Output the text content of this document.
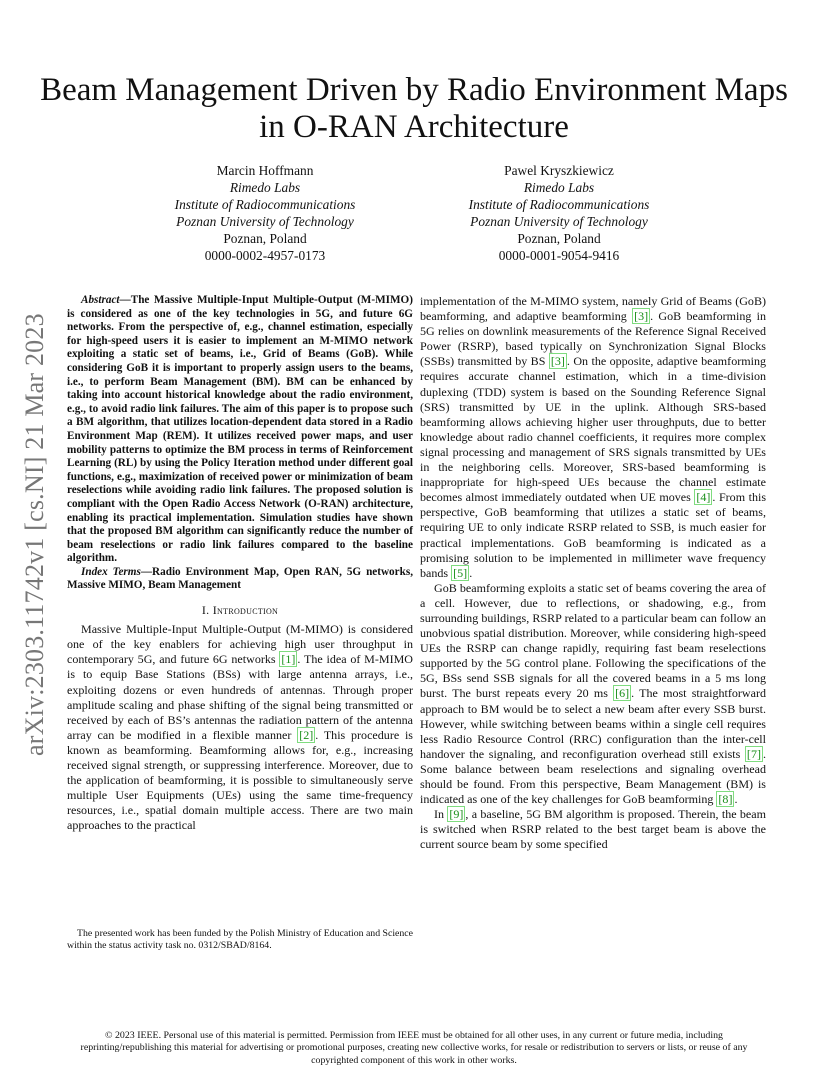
Beam Management Driven by Radio Environment Maps in O-RAN Architecture
Marcin Hoffmann
Rimedo Labs
Institute of Radiocommunications
Poznan University of Technology
Poznan, Poland
0000-0002-4957-0173
Pawel Kryszkiewicz
Rimedo Labs
Institute of Radiocommunications
Poznan University of Technology
Poznan, Poland
0000-0001-9054-9416
arXiv:2303.11742v1 [cs.NI] 21 Mar 2023

Abstract—The Massive Multiple-Input Multiple-Output (M-MIMO) is considered as one of the key technologies in 5G, and future 6G networks. From the perspective of, e.g., channel estimation, especially for high-speed users it is easier to implement an M-MIMO network exploiting a static set of beams, i.e., Grid of Beams (GoB). While considering GoB it is important to properly assign users to the beams, i.e., to perform Beam Management (BM). BM can be enhanced by taking into account historical knowledge about the radio environment, e.g., to avoid radio link failures. The aim of this paper is to propose such a BM algorithm, that utilizes location-dependent data stored in a Radio Environment Map (REM). It utilizes received power maps, and user mobility patterns to optimize the BM process in terms of Reinforcement Learning (RL) by using the Policy Iteration method under different goal functions, e.g., maximization of received power or minimization of beam reselections while avoiding radio link failures. The proposed solution is compliant with the Open Radio Access Network (O-RAN) architecture, enabling its practical implementation. Simulation studies have shown that the proposed BM algorithm can significantly reduce the number of beam reselections or radio link failures compared to the baseline algorithm.

Index Terms—Radio Environment Map, Open RAN, 5G networks, Massive MIMO, Beam Management

I. Introduction

Massive Multiple-Input Multiple-Output (M-MIMO) is considered one of the key enablers for achieving high user throughput in contemporary 5G, and future 6G networks [ 1 ] . The idea of M-MIMO is to equip Base Stations (BSs) with large antenna arrays, i.e., exploiting dozens or even hundreds of antennas. Through proper amplitude scaling and phase shifting of the signal being transmitted or received by each of BS’s antennas the radiation pattern of the antenna array can be modified in a flexible manner [ 2 ] . This procedure is known as beamforming. Beamforming allows for, e.g., increasing received signal strength, or suppressing interference. Moreover, due to the application of beamforming, it is possible to simultaneously serve multiple User Equipments (UEs) using the same time-frequency resources, i.e., spatial domain multiple access. There are two main approaches to the practical

The presented work has been funded by the Polish Ministry of Education and Science within the status activity task no. 0312/SBAD/8164.

implementation of the M-MIMO system, namely Grid of Beams (GoB) beamforming, and adaptive beamforming [ 3 ] . GoB beamforming in 5G relies on downlink measurements of the Reference Signal Received Power (RSRP), based typically on Synchronization Signal Blocks (SSBs) transmitted by BS [ 3 ] . On the opposite, adaptive beamforming requires accurate channel estimation, which in a time-division duplexing (TDD) system is based on the Sounding Reference Signal (SRS) transmitted by UE in the uplink. Although SRS-based beamforming allows achieving higher user throughputs, due to better knowledge about radio channel coefficients, it requires more complex signal processing and management of SRS signals transmitted by UEs in the neighboring cells. Moreover, SRS-based beamforming is inappropriate for high-speed UEs because the channel estimate becomes almost immediately outdated when UE moves [ 4 ] . From this perspective, GoB beamforming that utilizes a static set of beams, requiring UE to only indicate RSRP related to SSB, is much easier for practical implementations. GoB beamforming is indicated as a promising solution to be implemented in millimeter wave frequency bands [ 5 ] .

GoB beamforming exploits a static set of beams covering the area of a cell. However, due to reflections, or shadowing, e.g., from surrounding buildings, RSRP related to a particular beam can follow an unobvious spatial distribution. Moreover, while considering high-speed UEs the RSRP can change rapidly, requiring fast beam reselections supported by the 5G control plane. Following the specifications of the 5G, BSs send SSB signals for all the covered beams in a 5 ms long burst. The burst repeats every 20 ms [ 6 ] . The most straightforward approach to BM would be to select a new beam after every SSB burst. However, while switching between beams within a single cell requires less Radio Resource Control (RRC) configuration than the inter-cell handover the signaling, and reconfiguration overhead still exists [ 7 ] . Some balance between beam reselections and signaling overhead should be found. From this perspective, Beam Management (BM) is indicated as one of the key challenges for GoB beamforming [ 8 ] .

In [ 9 ] , a baseline, 5G BM algorithm is proposed. Therein, the beam is switched when RSRP related to the best target beam is above the current source beam by some specified

© 2023 IEEE. Personal use of this material is permitted. Permission from IEEE must be obtained for all other uses, in any current or future media, including reprinting/republishing this material for advertising or promotional purposes, creating new collective works, for resale or redistribution to servers or lists, or reuse of any copyrighted component of this work in other works.
